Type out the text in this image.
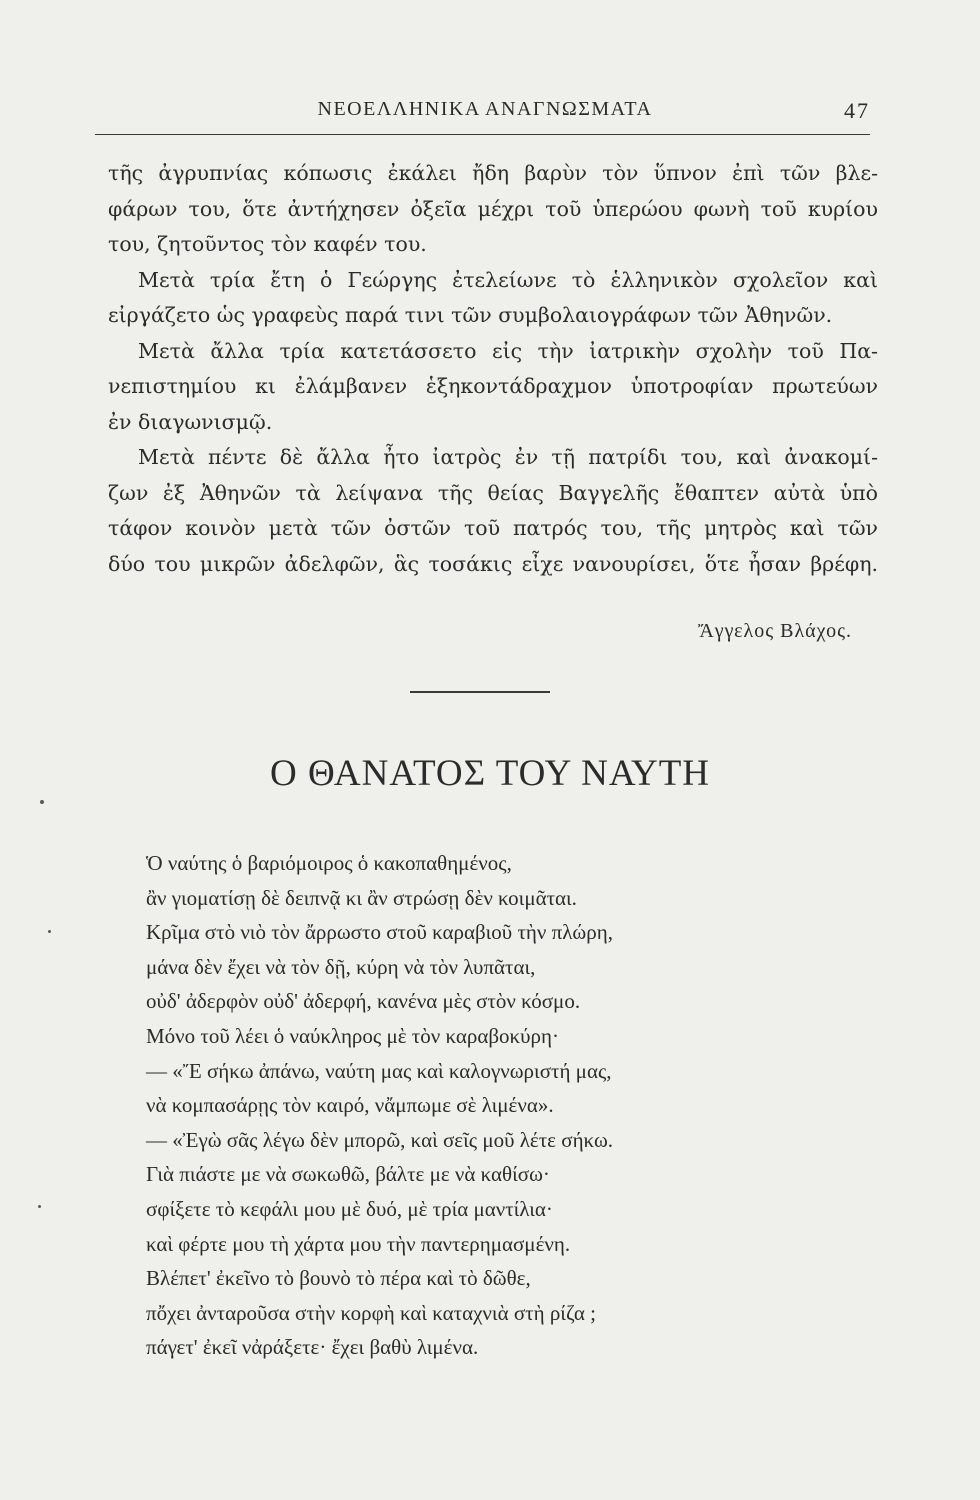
ΝΕΟΕΛΛΗΝΙΚΑ ΑΝΑΓΝΩΣΜΑΤΑ	47
τῆς ἀγρυπνίας κόπωσις ἐκάλει ἤδη βαρὺν τὸν ὕπνον ἐπὶ τῶν βλε-
φάρων του, ὅτε ἀντήχησεν ὀξεῖα μέχρι τοῦ ὑπερώου φωνὴ τοῦ κυρίου
του, ζητοῦντος τὸν καφέν του.
Μετὰ τρία ἔτη ὁ Γεώργης ἐτελείωνε τὸ ἑλληνικὸν σχολεῖον καὶ
εἰργάζετο ὡς γραφεὺς παρά τινι τῶν συμβολαιογράφων τῶν Ἀθηνῶν.
Μετὰ ἄλλα τρία κατετάσσετο εἰς τὴν ἰατρικὴν σχολὴν τοῦ Πα-
νεπιστημίου κι ἐλάμβανεν ἑξηκοντάδραχμον ὑποτροφίαν πρωτεύων
ἐν διαγωνισμῷ.
Μετὰ πέντε δὲ ἄλλα ἦτο ἰατρὸς ἐν τῇ πατρίδι του, καὶ ἀνακομί-
ζων ἐξ Ἀθηνῶν τὰ λείψανα τῆς θείας Βαγγελῆς ἔθαπτεν αὐτὰ ὑπὸ
τάφον κοινὸν μετὰ τῶν ὀστῶν τοῦ πατρός του, τῆς μητρὸς καὶ τῶν
δύο του μικρῶν ἀδελφῶν, ἃς τοσάκις εἶχε νανουρίσει, ὅτε ἦσαν βρέφη.
Ἄγγελος Βλάχος.
Ο ΘΑΝΑΤΟΣ ΤΟΥ ΝΑΥΤΗ
Ὁ ναύτης ὁ βαριόμοιρος ὁ κακοπαθημένος,
ἂν γιοματίσῃ δὲ δειπνᾷ κι ἂν στρώσῃ δὲν κοιμᾶται.
Κρῖμα στὸ νιὸ τὸν ἄρρωστο στοῦ καραβιοῦ τὴν πλώρη,
μάνα δὲν ἔχει νὰ τὸν δῇ, κύρη νὰ τὸν λυπᾶται,
οὐδ' ἀδερφὸν οὐδ' ἀδερφή, κανένα μὲς στὸν κόσμο.
Μόνο τοῦ λέει ὁ ναύκληρος μὲ τὸν καραβοκύρη·
— «Ἔ σήκω ἀπάνω, ναύτη μας καὶ καλογνωριστή μας,
νὰ κομπασάρῃς τὸν καιρό, νἄμπωμε σὲ λιμένα».
— «Ἐγὼ σᾶς λέγω δὲν μπορῶ, καὶ σεῖς μοῦ λέτε σήκω.
Γιὰ πιάστε με νὰ σωκωθῶ, βάλτε με νὰ καθίσω·
σφίξετε τὸ κεφάλι μου μὲ δυό, μὲ τρία μαντίλια·
καὶ φέρτε μου τὴ χάρτα μου τὴν παντερημασμένη.
Βλέπετ' ἐκεῖνο τὸ βουνὸ τὸ πέρα καὶ τὸ δῶθε,
πὄχει ἀνταροῦσα στὴν κορφὴ καὶ καταχνιὰ στὴ ρίζα ;
πάγετ' ἐκεῖ νἀράξετε· ἔχει βαθὺ λιμένα.
